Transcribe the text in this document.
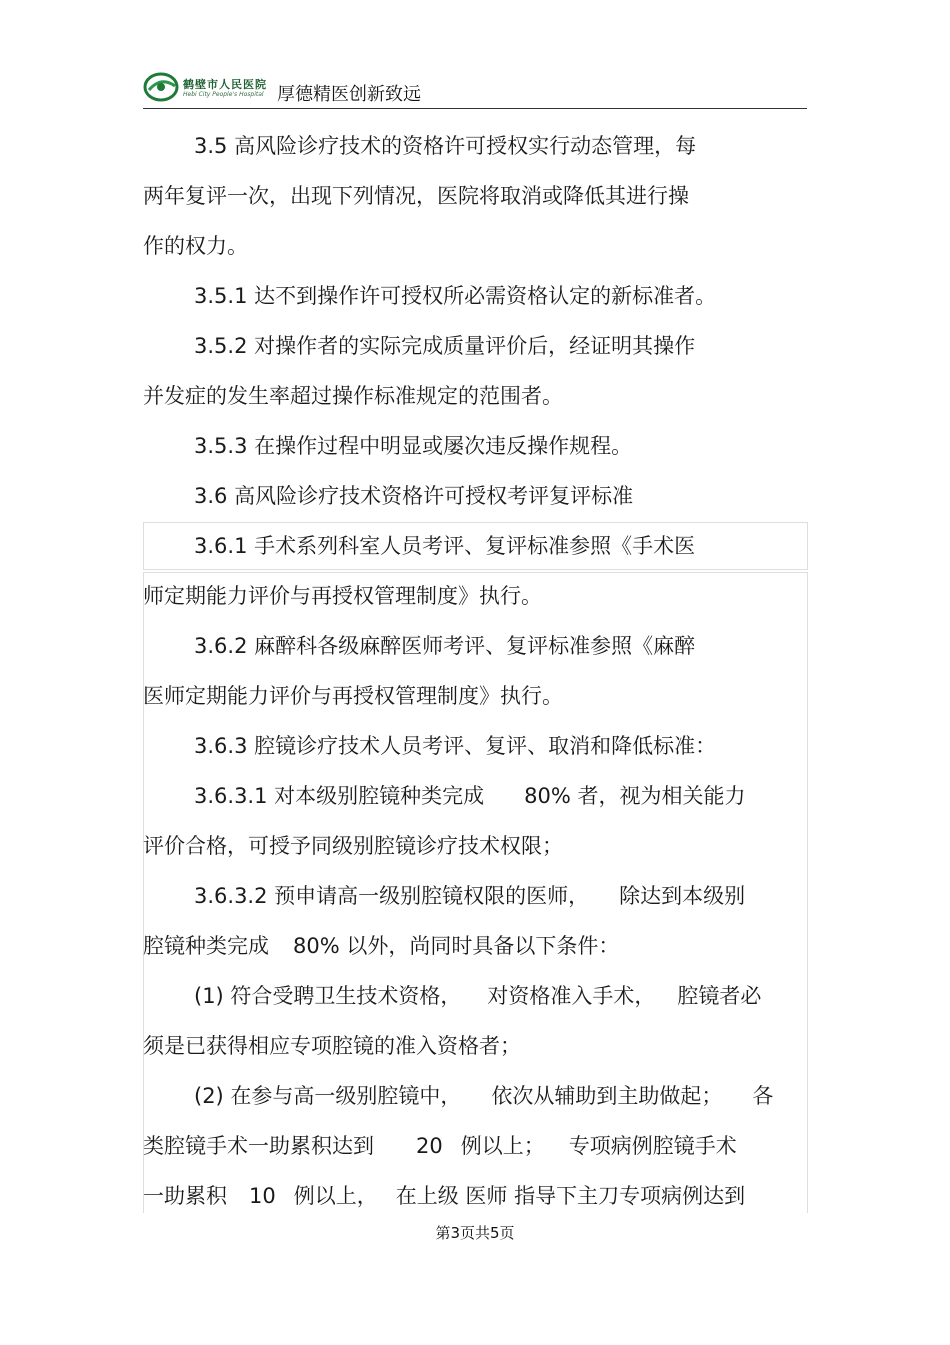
鹤壁市人民医院
Hebi City People's Hospital 厚德精医创新致远
3.5 高风险诊疗技术的资格许可授权实行动态管理，每
两年复评一次，出现下列情况，医院将取消或降低其进行操
作的权力。
3.5.1 达不到操作许可授权所必需资格认定的新标准者。
3.5.2 对操作者的实际完成质量评价后，经证明其操作
并发症的发生率超过操作标准规定的范围者。
3.5.3 在操作过程中明显或屡次违反操作规程。
3.6 高风险诊疗技术资格许可授权考评复评标准
3.6.1 手术系列科室人员考评、复评标准参照《手术医
师定期能力评价与再授权管理制度》执行。
3.6.2 麻醉科各级麻醉医师考评、复评标准参照《麻醉
医师定期能力评价与再授权管理制度》执行。
3.6.3 腔镜诊疗技术人员考评、复评、取消和降低标准：
3.6.3.1 对本级别腔镜种类完成 80% 者，视为相关能力
评价合格，可授予同级别腔镜诊疗技术权限；
3.6.3.2 预申请高一级别腔镜权限的医师， 除达到本级别
腔镜种类完成 80% 以外，尚同时具备以下条件：
(1) 符合受聘卫生技术资格， 对资格准入手术， 腔镜者必
须是已获得相应专项腔镜的准入资格者；
(2) 在参与高一级别腔镜中， 依次从辅助到主助做起； 各
类腔镜手术一助累积达到 20 例以上； 专项病例腔镜手术
一助累积 10 例以上， 在上级 医师 指导下主刀专项病例达到
第3页共5页
